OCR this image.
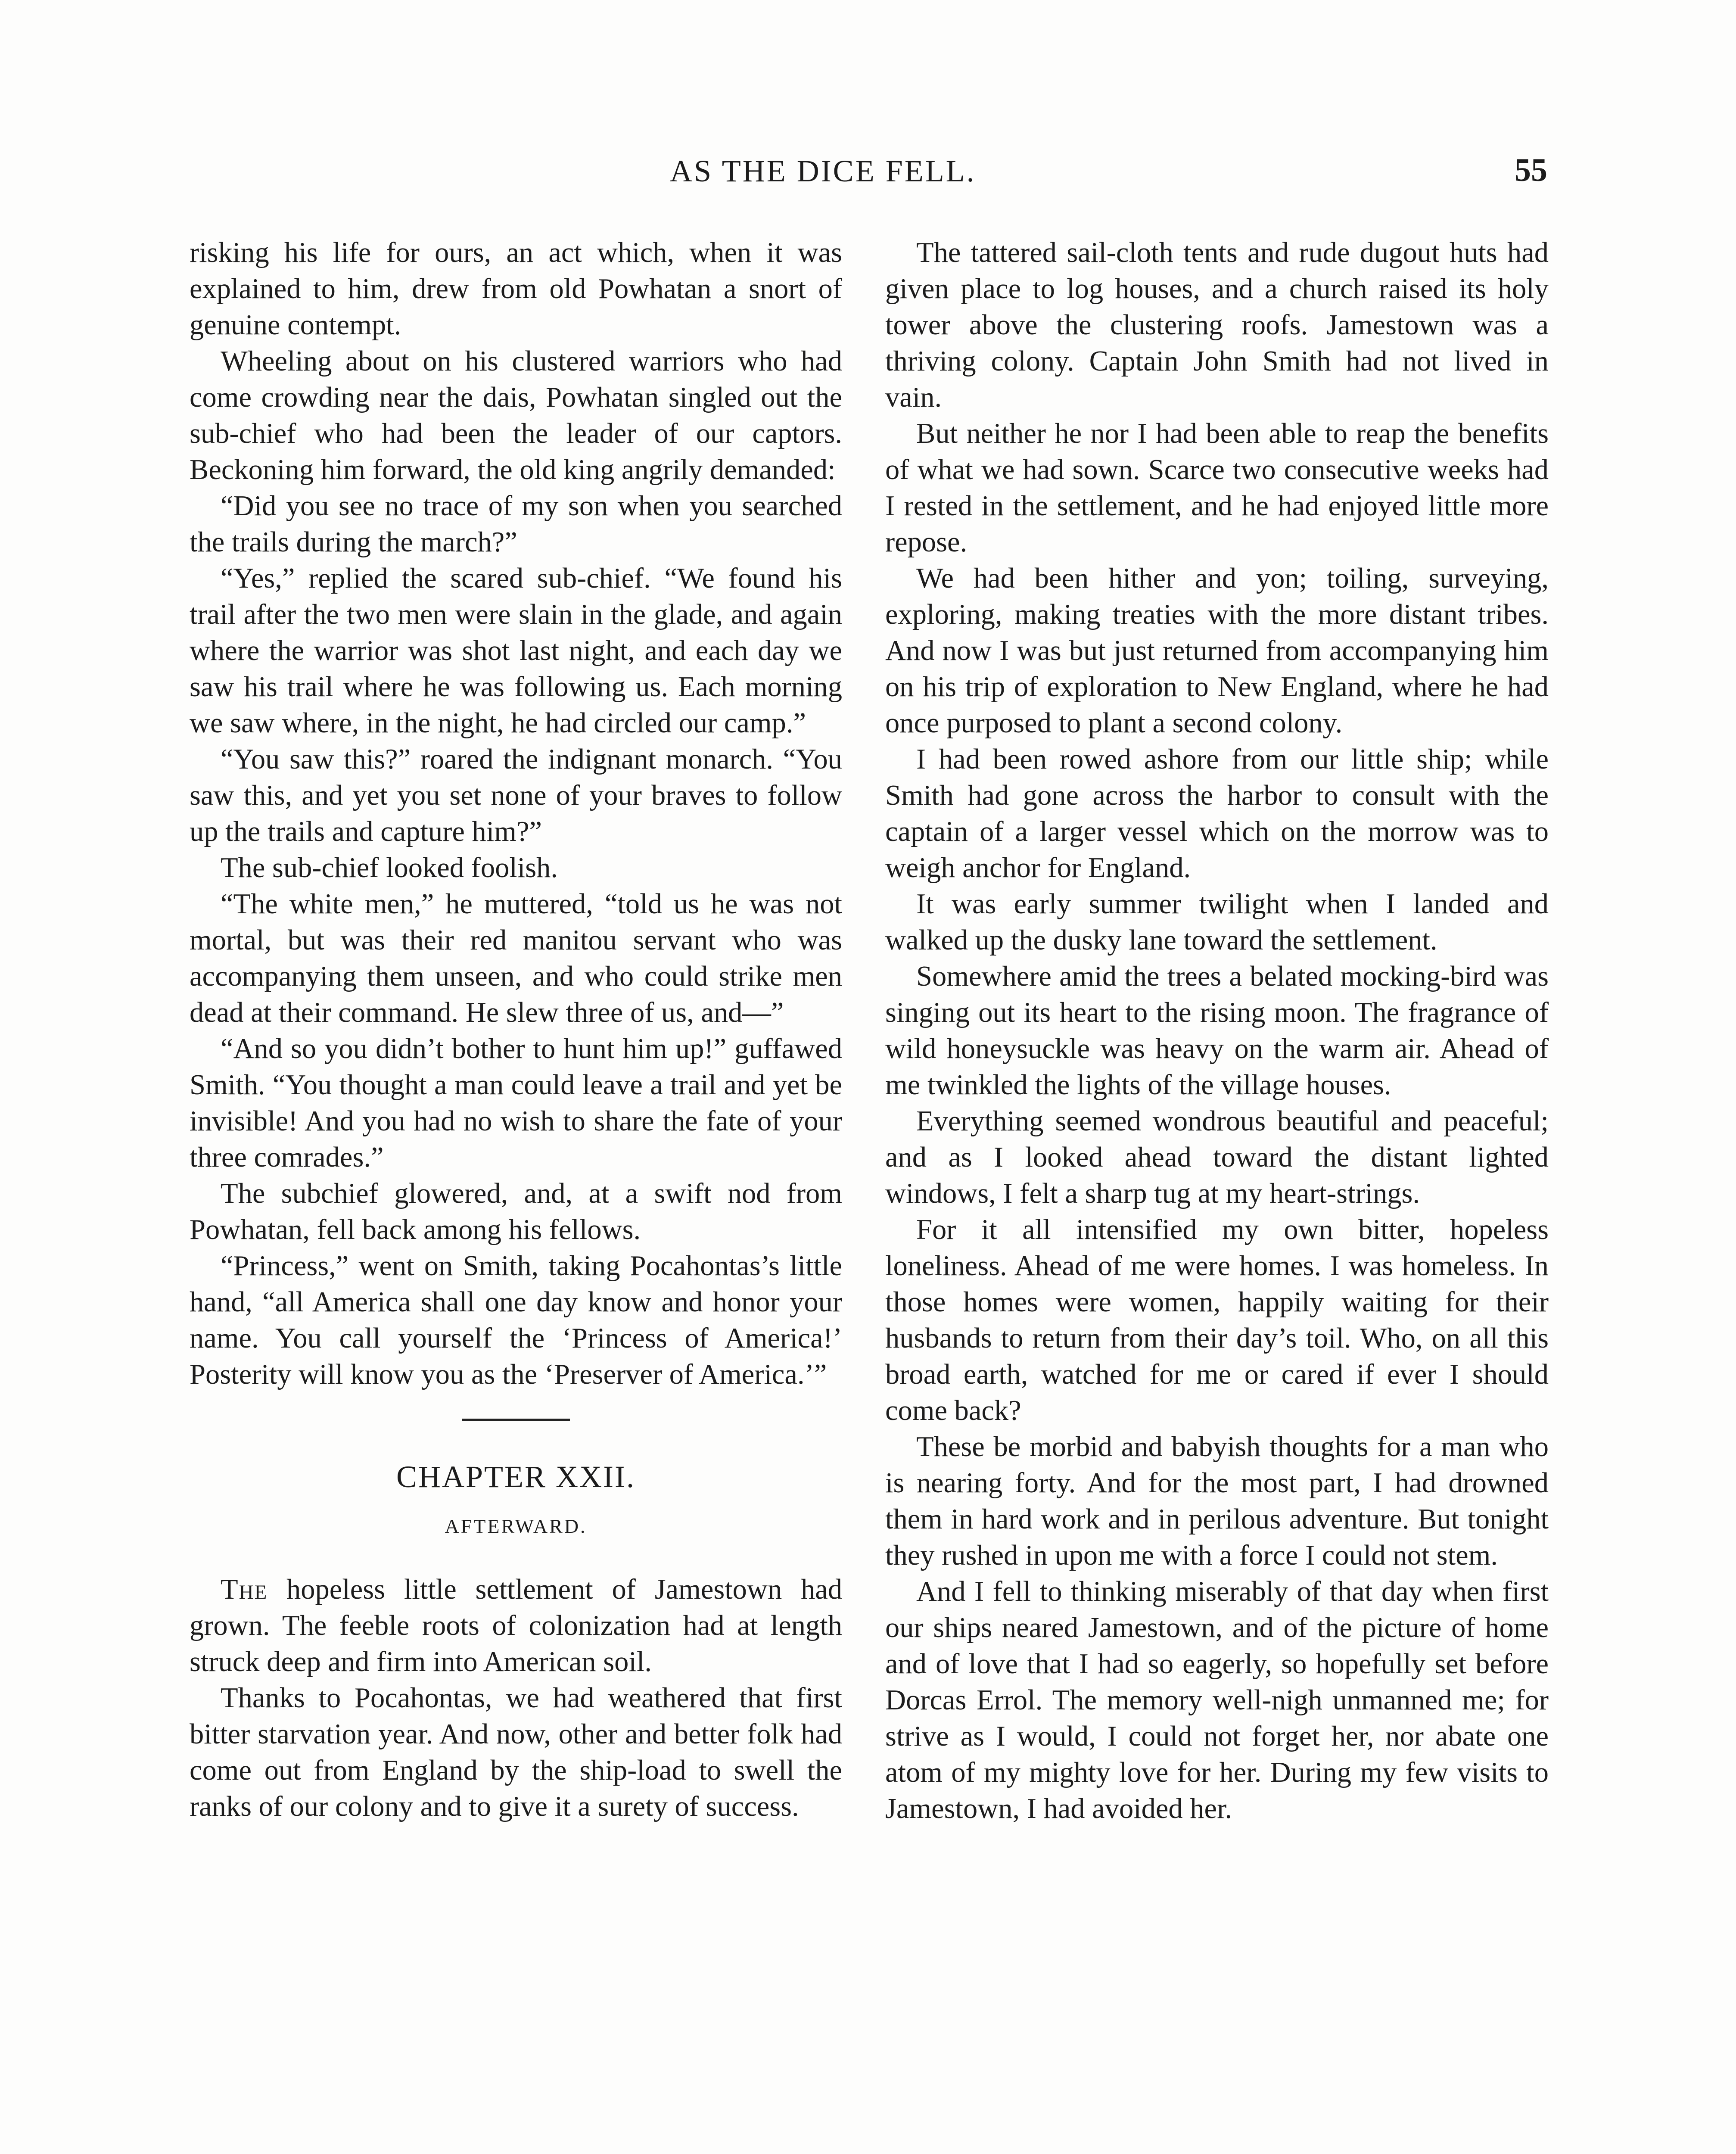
AS THE DICE FELL.	55

risking his life for ours, an act which, when it was explained to him, drew from old Powhatan a snort of genuine contempt.

Wheeling about on his clustered warriors who had come crowding near the dais, Powhatan singled out the sub-chief who had been the leader of our captors. Beckoning him forward, the old king angrily demanded:

“Did you see no trace of my son when you searched the trails during the march?”

“Yes,” replied the scared sub-chief. “We found his trail after the two men were slain in the glade, and again where the warrior was shot last night, and each day we saw his trail where he was following us. Each morning we saw where, in the night, he had circled our camp.”

“You saw this?” roared the indignant monarch. “You saw this, and yet you set none of your braves to follow up the trails and capture him?”

The sub-chief looked foolish.

“The white men,” he muttered, “told us he was not mortal, but was their red manitou servant who was accompanying them unseen, and who could strike men dead at their command. He slew three of us, and—”

“And so you didn’t bother to hunt him up!” guffawed Smith. “You thought a man could leave a trail and yet be invisible! And you had no wish to share the fate of your three comrades.”

The subchief glowered, and, at a swift nod from Powhatan, fell back among his fellows.

“Princess,” went on Smith, taking Pocahontas’s little hand, “all America shall one day know and honor your name. You call yourself the ‘Princess of America!’ Posterity will know you as the ‘Preserver of America.’”

CHAPTER XXII.
AFTERWARD.

The hopeless little settlement of Jamestown had grown. The feeble roots of colonization had at length struck deep and firm into American soil.

Thanks to Pocahontas, we had weathered that first bitter starvation year. And now, other and better folk had come out from England by the ship-load to swell the ranks of our colony and to give it a surety of success.

The tattered sail-cloth tents and rude dugout huts had given place to log houses, and a church raised its holy tower above the clustering roofs. Jamestown was a thriving colony. Captain John Smith had not lived in vain.

But neither he nor I had been able to reap the benefits of what we had sown. Scarce two consecutive weeks had I rested in the settlement, and he had enjoyed little more repose.

We had been hither and yon; toiling, surveying, exploring, making treaties with the more distant tribes. And now I was but just returned from accompanying him on his trip of exploration to New England, where he had once purposed to plant a second colony.

I had been rowed ashore from our little ship; while Smith had gone across the harbor to consult with the captain of a larger vessel which on the morrow was to weigh anchor for England.

It was early summer twilight when I landed and walked up the dusky lane toward the settlement.

Somewhere amid the trees a belated mocking-bird was singing out its heart to the rising moon. The fragrance of wild honeysuckle was heavy on the warm air. Ahead of me twinkled the lights of the village houses.

Everything seemed wondrous beautiful and peaceful; and as I looked ahead toward the distant lighted windows, I felt a sharp tug at my heart-strings.

For it all intensified my own bitter, hopeless loneliness. Ahead of me were homes. I was homeless. In those homes were women, happily waiting for their husbands to return from their day’s toil. Who, on all this broad earth, watched for me or cared if ever I should come back?

These be morbid and babyish thoughts for a man who is nearing forty. And for the most part, I had drowned them in hard work and in perilous adventure. But tonight they rushed in upon me with a force I could not stem.

And I fell to thinking miserably of that day when first our ships neared Jamestown, and of the picture of home and of love that I had so eagerly, so hopefully set before Dorcas Errol. The memory well-nigh unmanned me; for strive as I would, I could not forget her, nor abate one atom of my mighty love for her. During my few visits to Jamestown, I had avoided her.
